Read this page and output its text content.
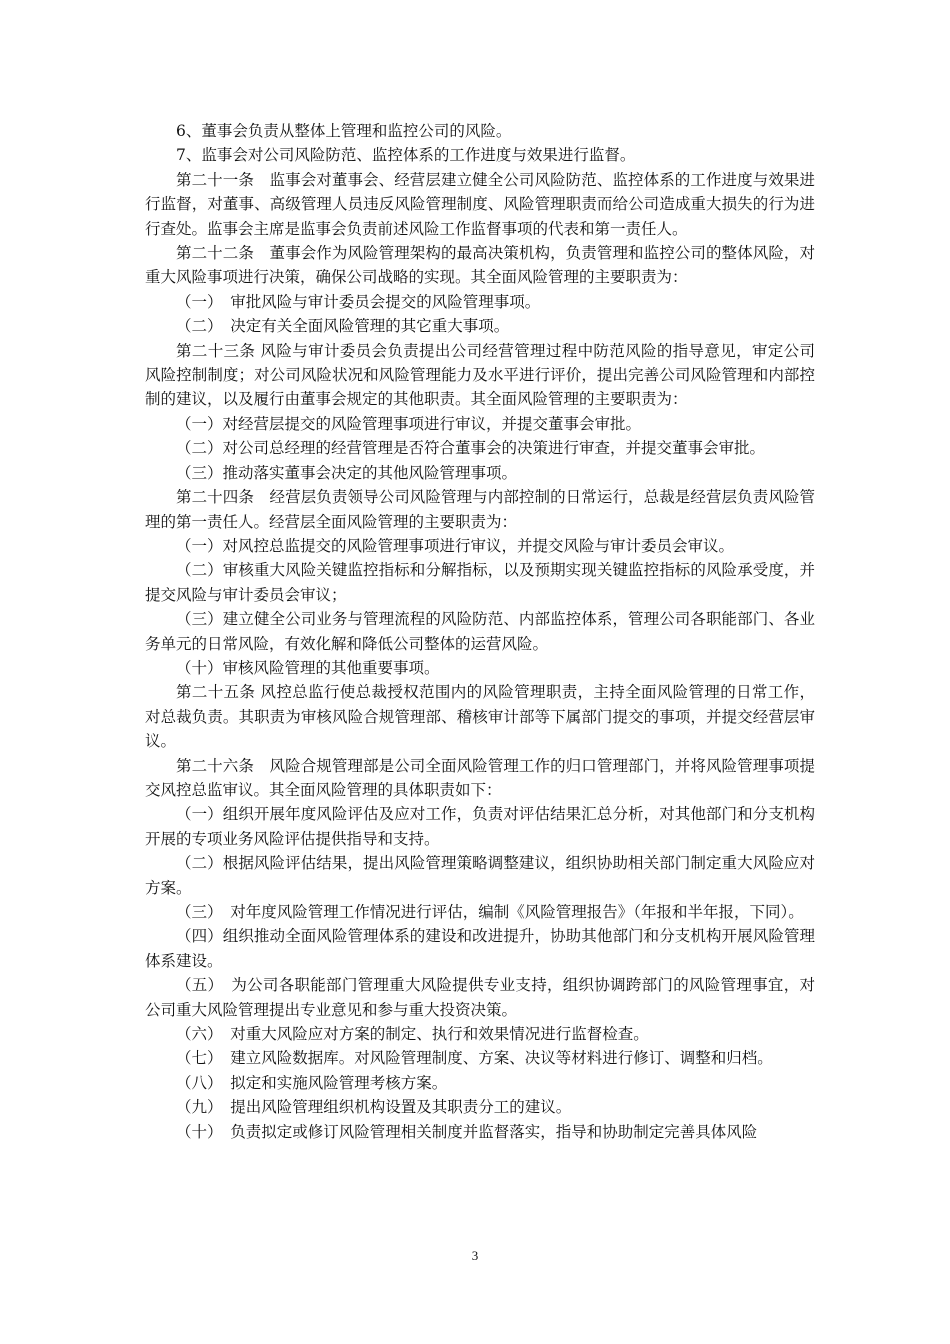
6、董事会负责从整体上管理和监控公司的风险。

7、监事会对公司风险防范、监控体系的工作进度与效果进行监督。

第二十一条　监事会对董事会、经营层建立健全公司风险防范、监控体系的工作进度与效果进行监督，对董事、高级管理人员违反风险管理制度、风险管理职责而给公司造成重大损失的行为进行查处。监事会主席是监事会负责前述风险工作监督事项的代表和第一责任人。

第二十二条　董事会作为风险管理架构的最高决策机构，负责管理和监控公司的整体风险，对重大风险事项进行决策，确保公司战略的实现。其全面风险管理的主要职责为：

（一）　审批风险与审计委员会提交的风险管理事项。

（二）　决定有关全面风险管理的其它重大事项。

第二十三条 风险与审计委员会负责提出公司经营管理过程中防范风险的指导意见，审定公司风险控制制度；对公司风险状况和风险管理能力及水平进行评价，提出完善公司风险管理和内部控制的建议，以及履行由董事会规定的其他职责。其全面风险管理的主要职责为：

（一）对经营层提交的风险管理事项进行审议，并提交董事会审批。

（二）对公司总经理的经营管理是否符合董事会的决策进行审查，并提交董事会审批。

（三）推动落实董事会决定的其他风险管理事项。

第二十四条　经营层负责领导公司风险管理与内部控制的日常运行，总裁是经营层负责风险管理的第一责任人。经营层全面风险管理的主要职责为：

（一）对风控总监提交的风险管理事项进行审议，并提交风险与审计委员会审议。

（二）审核重大风险关键监控指标和分解指标，以及预期实现关键监控指标的风险承受度，并提交风险与审计委员会审议；

（三）建立健全公司业务与管理流程的风险防范、内部监控体系，管理公司各职能部门、各业务单元的日常风险，有效化解和降低公司整体的运营风险。

（十）审核风险管理的其他重要事项。

第二十五条 风控总监行使总裁授权范围内的风险管理职责，主持全面风险管理的日常工作，对总裁负责。其职责为审核风险合规管理部、稽核审计部等下属部门提交的事项，并提交经营层审议。

第二十六条　风险合规管理部是公司全面风险管理工作的归口管理部门，并将风险管理事项提交风控总监审议。其全面风险管理的具体职责如下：

（一）组织开展年度风险评估及应对工作，负责对评估结果汇总分析，对其他部门和分支机构开展的专项业务风险评估提供指导和支持。

（二）根据风险评估结果，提出风险管理策略调整建议，组织协助相关部门制定重大风险应对方案。

（三）　对年度风险管理工作情况进行评估，编制《风险管理报告》（年报和半年报，下同）。

（四）组织推动全面风险管理体系的建设和改进提升，协助其他部门和分支机构开展风险管理体系建设。

（五）　为公司各职能部门管理重大风险提供专业支持，组织协调跨部门的风险管理事宜，对公司重大风险管理提出专业意见和参与重大投资决策。

（六）　对重大风险应对方案的制定、执行和效果情况进行监督检查。

（七）　建立风险数据库。对风险管理制度、方案、决议等材料进行修订、调整和归档。

（八）　拟定和实施风险管理考核方案。

（九）　提出风险管理组织机构设置及其职责分工的建议。

（十）　负责拟定或修订风险管理相关制度并监督落实，指导和协助制定完善具体风险

3
